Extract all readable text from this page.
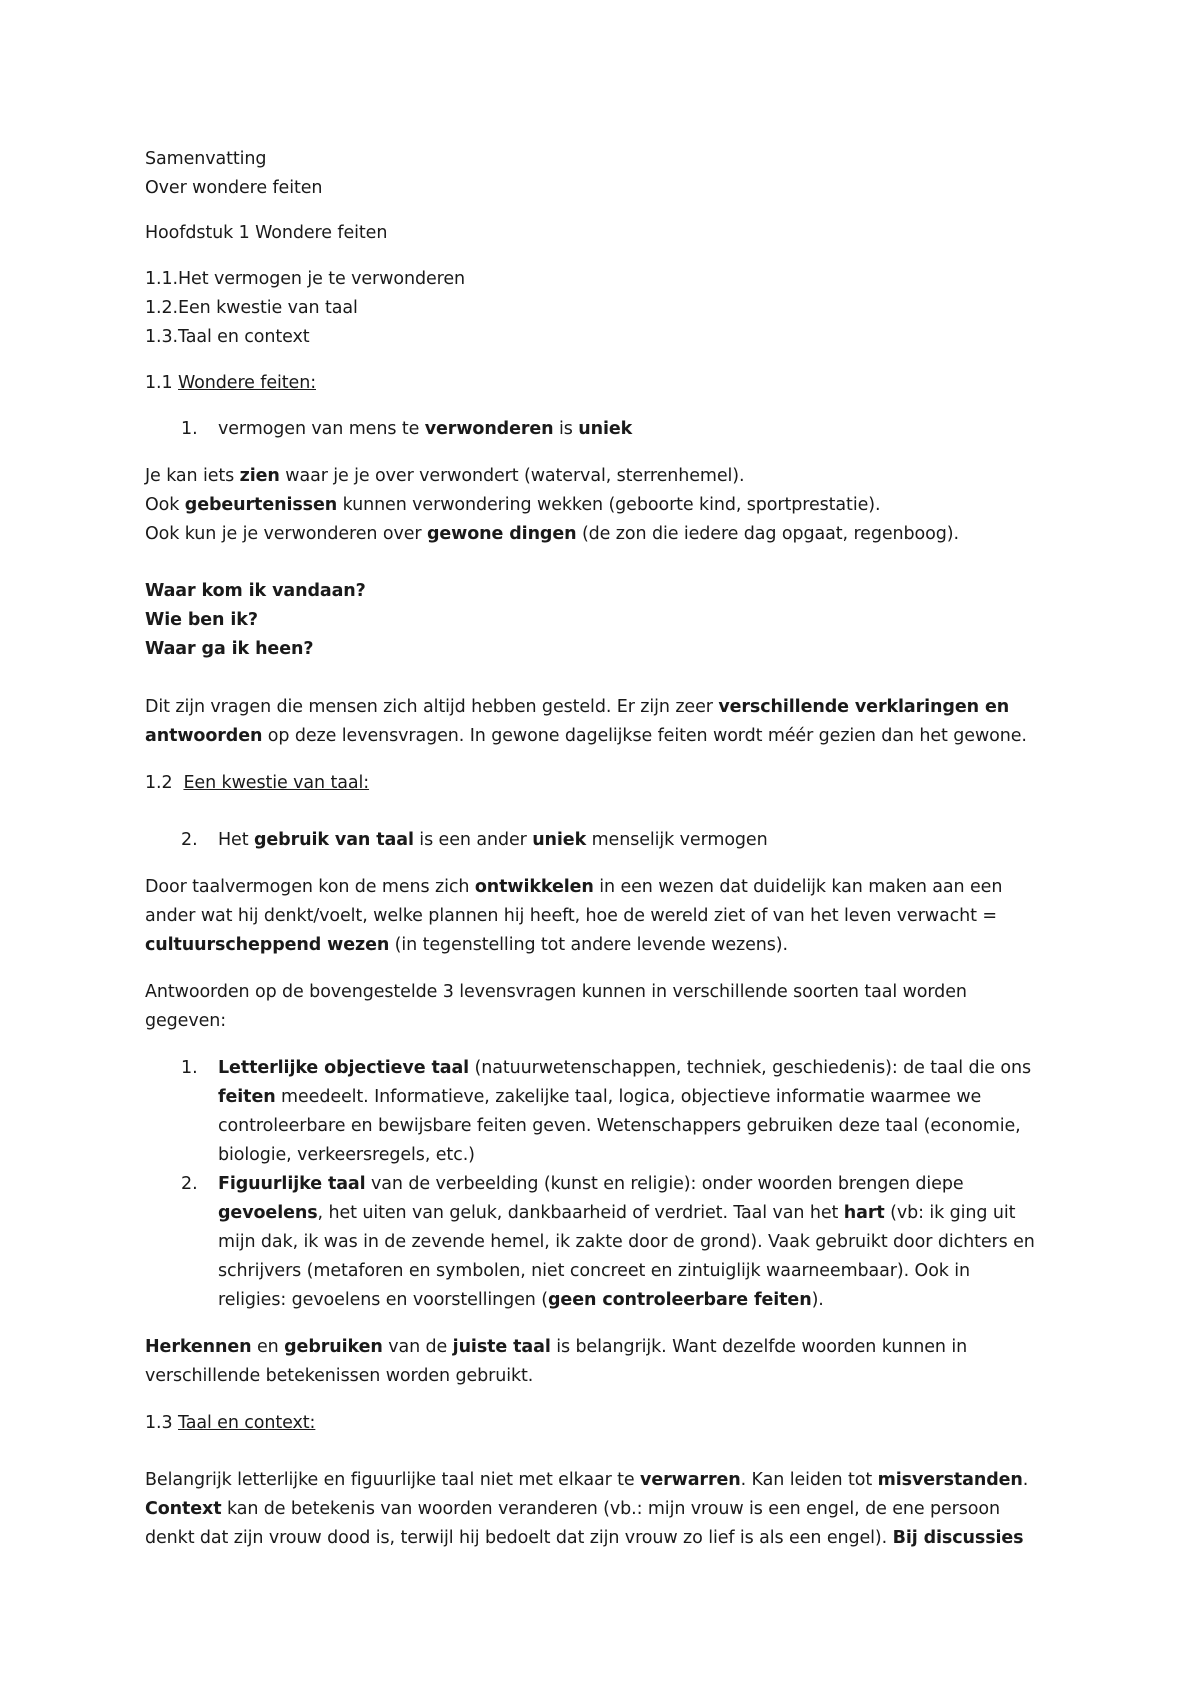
Samenvatting
Over wondere feiten
Hoofdstuk 1 Wondere feiten
1.1.Het vermogen je te verwonderen
1.2.Een kwestie van taal
1.3.Taal en context
1.1 Wondere feiten:
1. vermogen van mens te verwonderen is uniek
Je kan iets zien waar je je over verwondert (waterval, sterrenhemel).
Ook gebeurtenissen kunnen verwondering wekken (geboorte kind, sportprestatie).
Ook kun je je verwonderen over gewone dingen (de zon die iedere dag opgaat, regenboog).
Waar kom ik vandaan?
Wie ben ik?
Waar ga ik heen?
Dit zijn vragen die mensen zich altijd hebben gesteld. Er zijn zeer verschillende verklaringen en
antwoorden op deze levensvragen. In gewone dagelijkse feiten wordt méér gezien dan het gewone.
1.2 Een kwestie van taal:
2. Het gebruik van taal is een ander uniek menselijk vermogen
Door taalvermogen kon de mens zich ontwikkelen in een wezen dat duidelijk kan maken aan een
ander wat hij denkt/voelt, welke plannen hij heeft, hoe de wereld ziet of van het leven verwacht =
cultuurscheppend wezen (in tegenstelling tot andere levende wezens).
Antwoorden op de bovengestelde 3 levensvragen kunnen in verschillende soorten taal worden
gegeven:
1. Letterlijke objectieve taal (natuurwetenschappen, techniek, geschiedenis): de taal die ons
feiten meedeelt. Informatieve, zakelijke taal, logica, objectieve informatie waarmee we
controleerbare en bewijsbare feiten geven. Wetenschappers gebruiken deze taal (economie,
biologie, verkeersregels, etc.)
2. Figuurlijke taal van de verbeelding (kunst en religie): onder woorden brengen diepe
gevoelens, het uiten van geluk, dankbaarheid of verdriet. Taal van het hart (vb: ik ging uit
mijn dak, ik was in de zevende hemel, ik zakte door de grond). Vaak gebruikt door dichters en
schrijvers (metaforen en symbolen, niet concreet en zintuiglijk waarneembaar). Ook in
religies: gevoelens en voorstellingen (geen controleerbare feiten).
Herkennen en gebruiken van de juiste taal is belangrijk. Want dezelfde woorden kunnen in
verschillende betekenissen worden gebruikt.
1.3 Taal en context:
Belangrijk letterlijke en figuurlijke taal niet met elkaar te verwarren. Kan leiden tot misverstanden.
Context kan de betekenis van woorden veranderen (vb.: mijn vrouw is een engel, de ene persoon
denkt dat zijn vrouw dood is, terwijl hij bedoelt dat zijn vrouw zo lief is als een engel). Bij discussies
